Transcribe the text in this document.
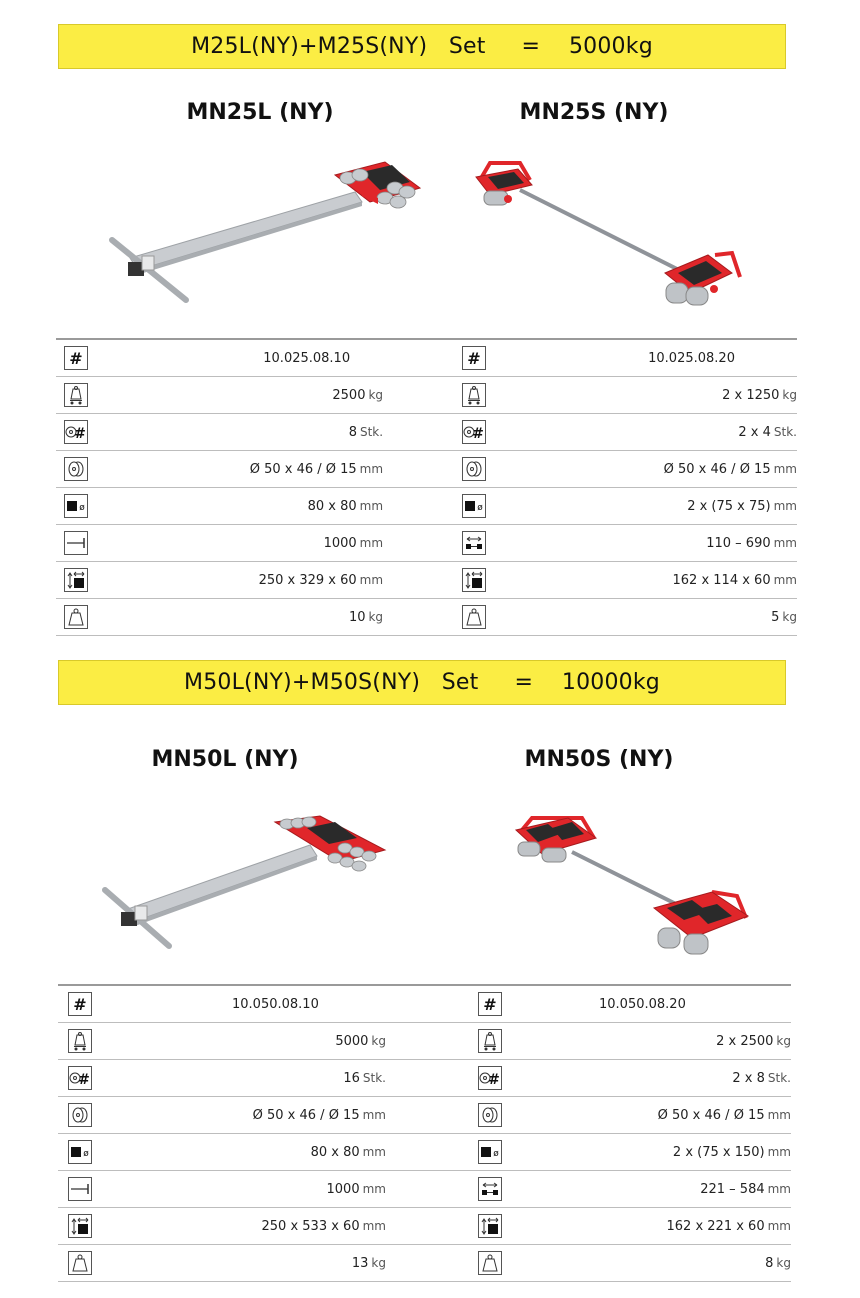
M25L(NY)+M25S(NY)
Set
=
5000kg
MN25L (NY)	MN25S (NY)
#	10.025.08.10		#	10.025.08.20

	2500 kg			2 x 1250 kg

#	8 Stk.		#	2 x 4 Stk.

	Ø 50 x 46 / Ø 15 mm			Ø 50 x 46 / Ø 15 mm

ø	80 x 80 mm		ø	2 x (75 x 75) mm

	1000 mm			110 – 690 mm

	250 x 329 x 60 mm			162 x 114 x 60 mm

	10 kg			5 kg
M50L(NY)+M50S(NY)
Set
=
10000kg
MN50L (NY)	MN50S (NY)
#	10.050.08.10		#	10.050.08.20

	5000 kg			2 x 2500 kg

#	16 Stk.		#	2 x 8 Stk.

	Ø 50 x 46 / Ø 15 mm			Ø 50 x 46 / Ø 15 mm

ø	80 x 80 mm		ø	2 x (75 x 150) mm

	1000 mm			221 – 584 mm

	250 x 533 x 60 mm			162 x 221 x 60 mm

	13 kg			8 kg
